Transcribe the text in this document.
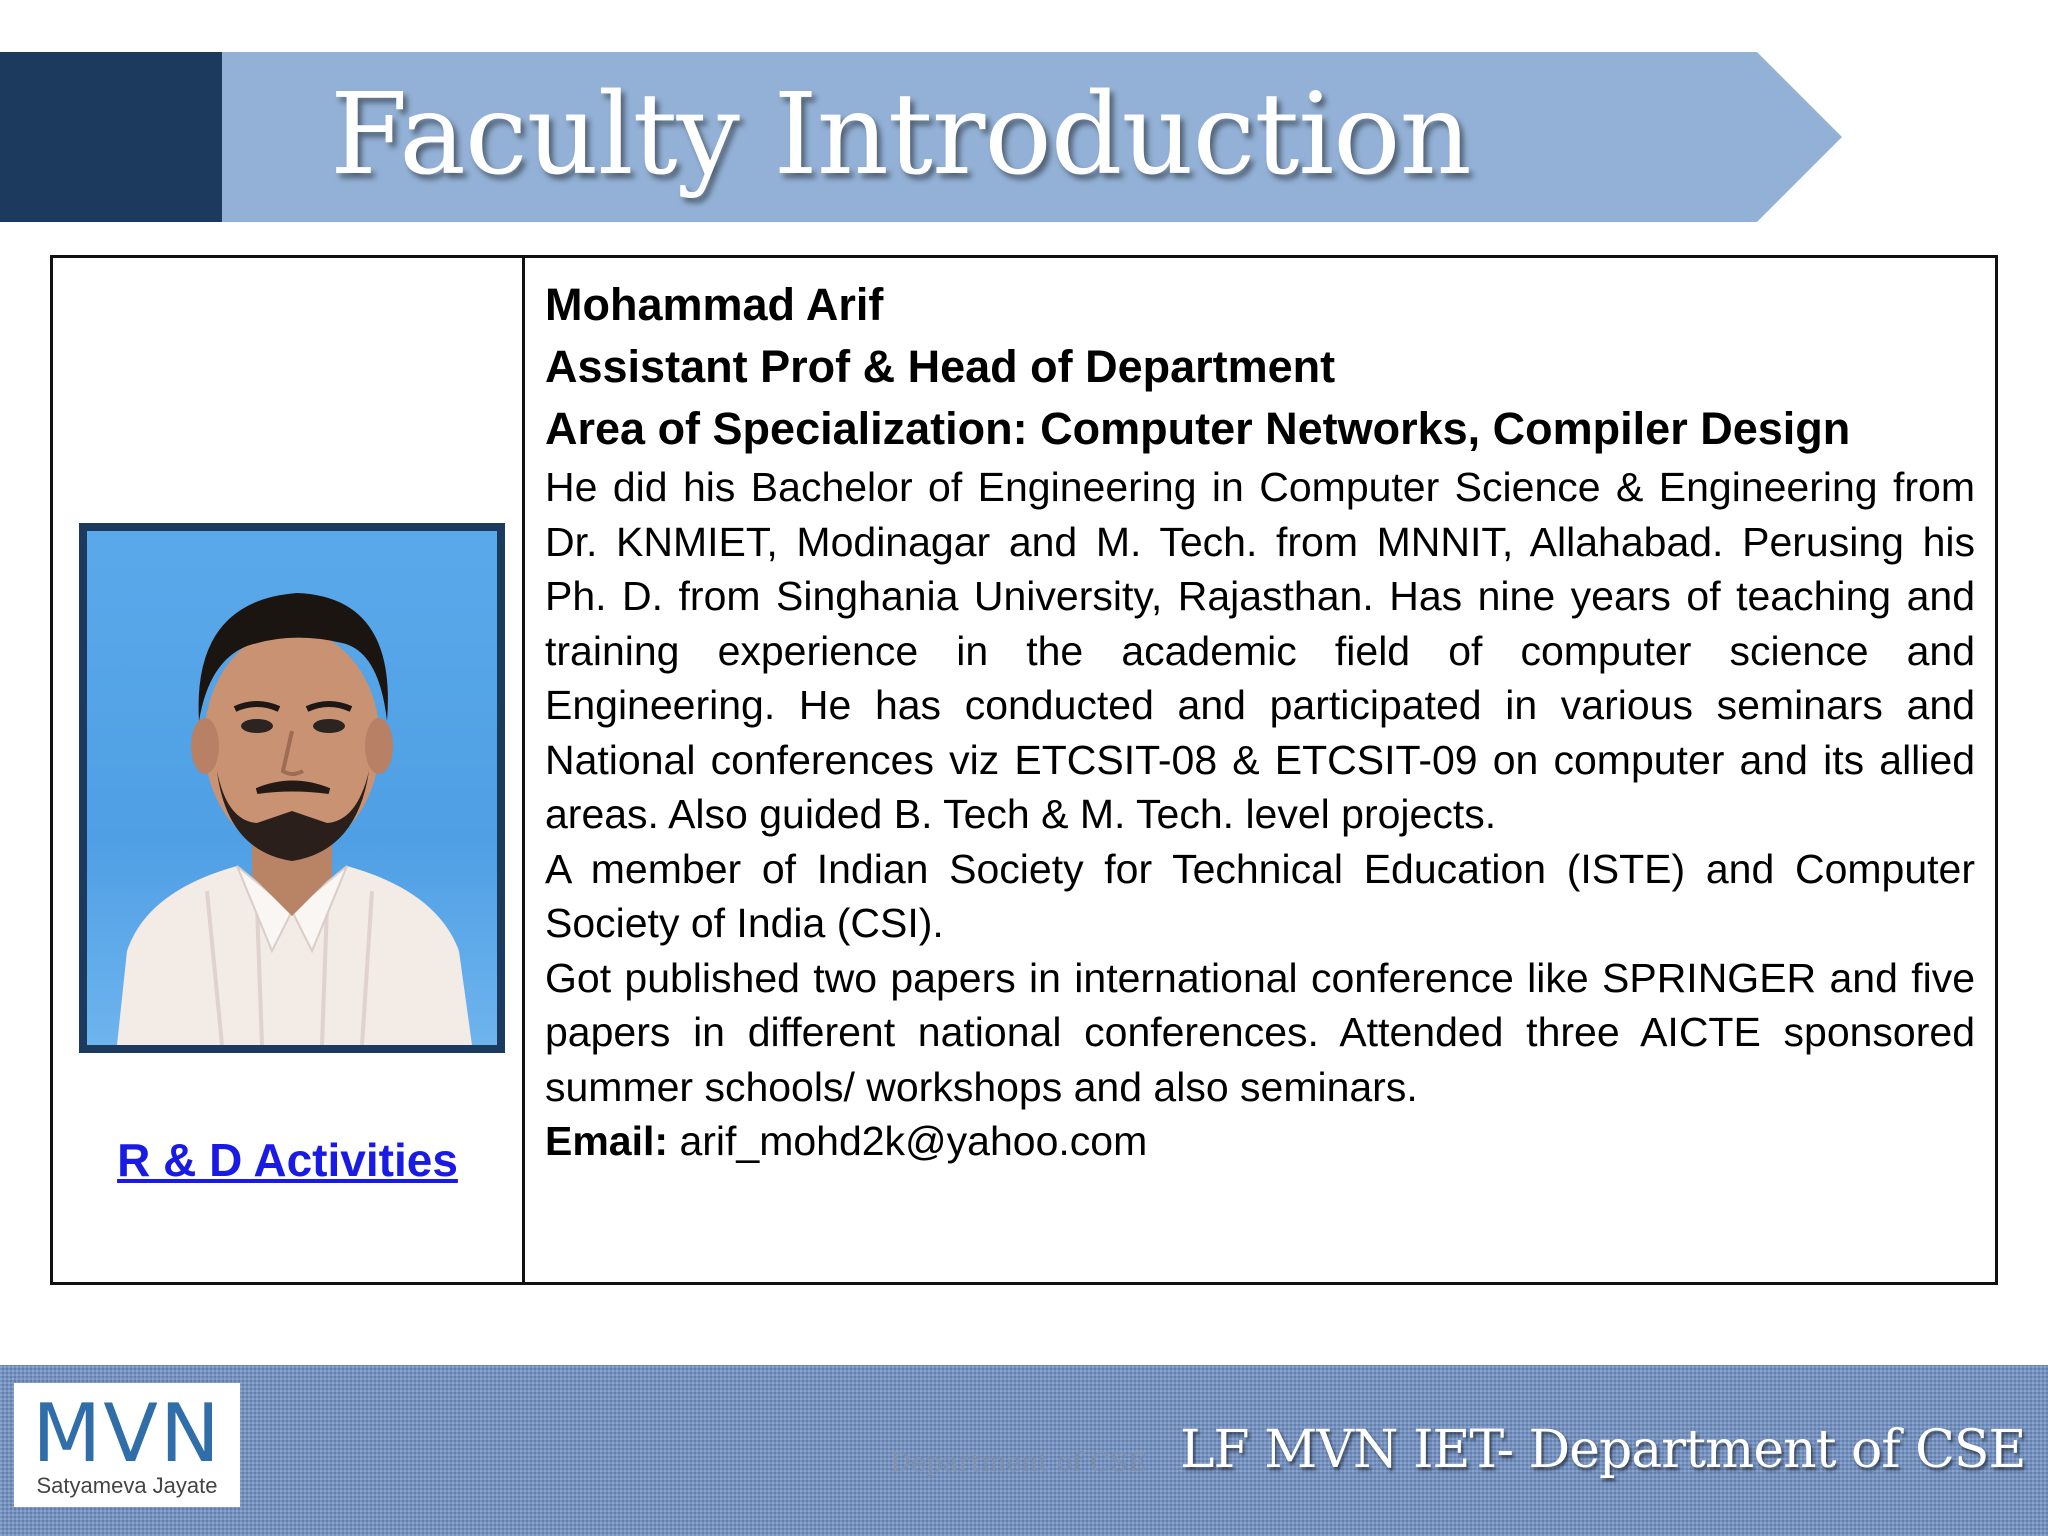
Faculty Introduction
R & D Activities

Mohammad Arif

Assistant Prof & Head of Department

Area of Specialization: Computer Networks, Compiler Design

He did his Bachelor of Engineering in Computer Science & Engineering from Dr. KNMIET, Modinagar and M. Tech. from MNNIT, Allahabad. Perusing his Ph. D. from Singhania University, Rajasthan. Has nine years of teaching and training experience in the academic field of computer science and Engineering. He has conducted and participated in various seminars and National conferences viz ETCSIT-08 & ETCSIT-09 on computer and its allied areas. Also guided B. Tech & M. Tech. level projects.

A member of Indian Society for Technical Education (ISTE) and Computer Society of India (CSI).

Got published two papers in international conference like SPRINGER and five papers in different national conferences. Attended three AICTE sponsored summer schools/ workshops and also seminars.

Email: arif_mohd2k@yahoo.com

MVN
Satyameva Jayate
Department of CSE LF MVN IET- Department of CSE
